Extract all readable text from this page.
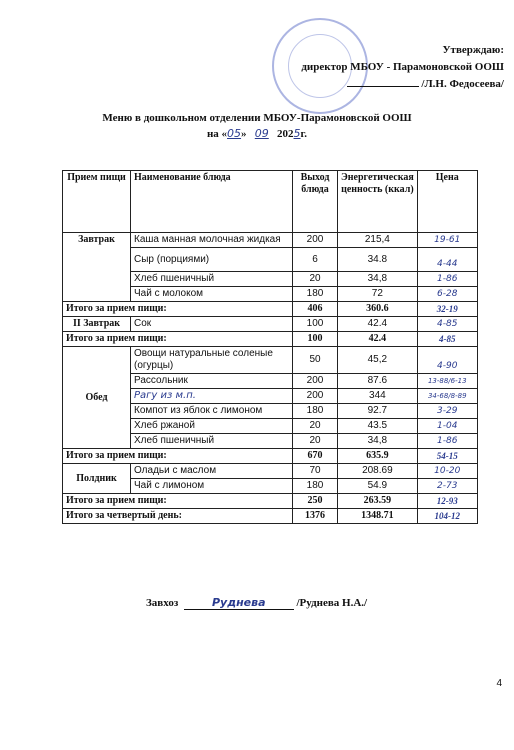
Утверждаю:
директор МБОУ - Парамоновской ООШ
/Л.Н. Федосеева/
Меню в дошкольном отделении МБОУ-Парамоновской ООШ
на «05» 09 2025г.
Прием пищи	Наименование блюда	Выход блюда	Энергетическая ценность (ккал)	Цена
Завтрак	Каша манная молочная жидкая	200	215,4	19-61
	Сыр (порциями)	6	34.8	4-44
	Хлеб пшеничный	20	34,8	1-86
	Чай с молоком	180	72	6-28
Итого за прием пищи:		406	360.6	32-19
II Завтрак	Сок	100	42.4	4-85
Итого за прием пищи:		100	42.4	4-85
Обед	Овощи натуральные соленые (огурцы)	50	45,2	4-90
	Рассольник	200	87.6	13-88/6-13
	Рагу из м.п.	200	344	34-68/8-89
	Компот из яблок с лимоном	180	92.7	3-29
	Хлеб ржаной	20	43.5	1-04
	Хлеб пшеничный	20	34,8	1-86
Итого за прием пищи:		670	635.9	54-15
Полдник	Оладьи с маслом	70	208.69	10-20
	Чай с лимоном	180	54.9	2-73
Итого за прием пищи:		250	263.59	12-93
Итого за четвертый день:		1376	1348.71	104-12
Завхоз	Руднева	/Руднева Н.А./
4
